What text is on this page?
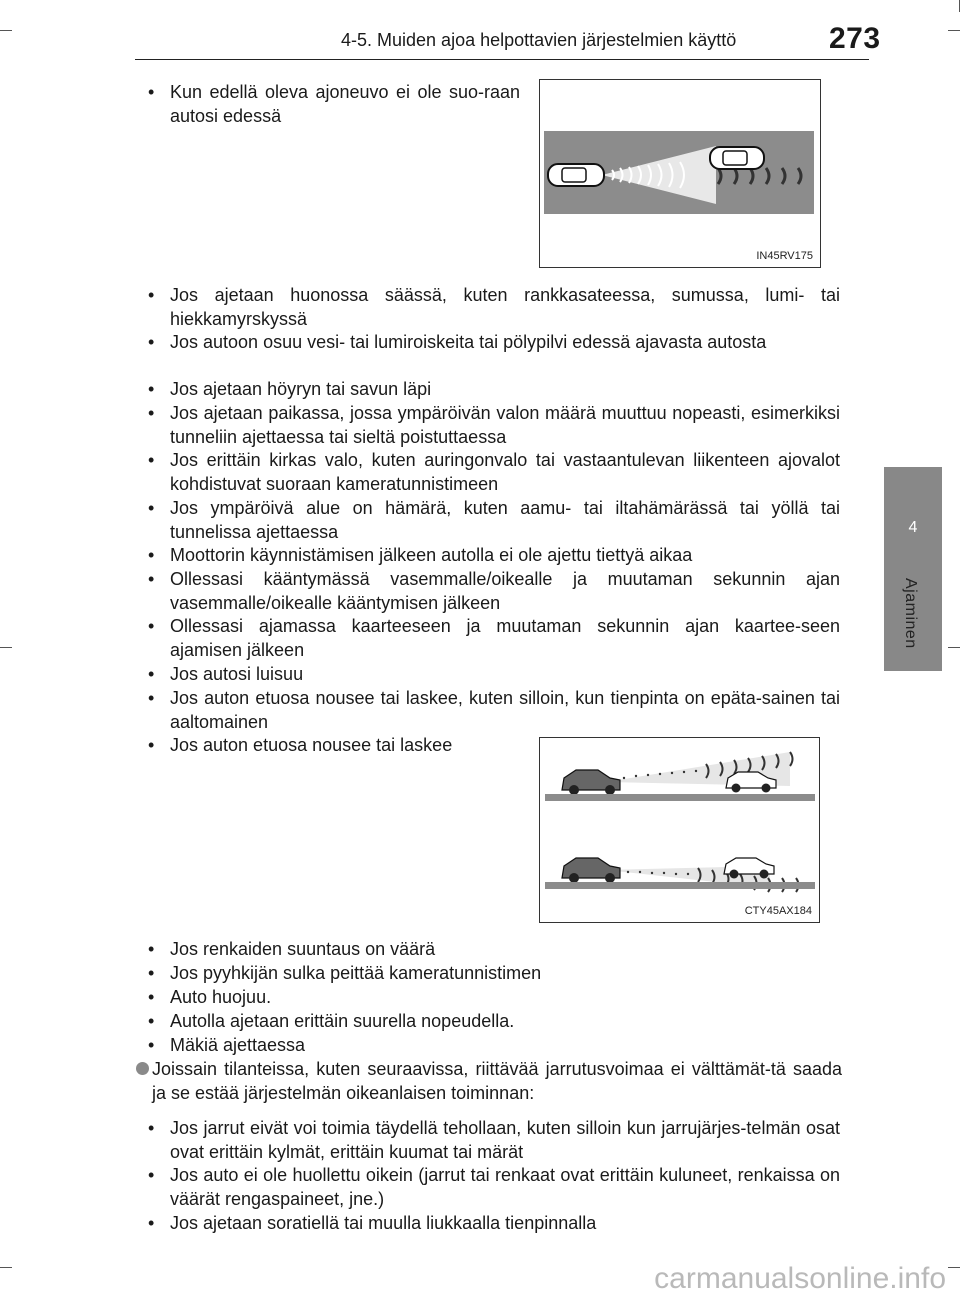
4-5. Muiden ajoa helpottavien järjestelmien käyttö	273
4
Ajaminen
• Kun edellä oleva ajoneuvo ei ole suo-raan autosi edessä
IN45RV175
• Jos ajetaan huonossa säässä, kuten rankkasateessa, sumussa, lumi- tai hiekkamyrskyssä
• Jos autoon osuu vesi- tai lumiroiskeita tai pölypilvi edessä ajavasta autosta
• Jos ajetaan höyryn tai savun läpi
• Jos ajetaan paikassa, jossa ympäröivän valon määrä muuttuu nopeasti, esimerkiksi tunneliin ajettaessa tai sieltä poistuttaessa
• Jos erittäin kirkas valo, kuten auringonvalo tai vastaantulevan liikenteen ajovalot kohdistuvat suoraan kameratunnistimeen
• Jos ympäröivä alue on hämärä, kuten aamu- tai iltahämärässä tai yöllä tai tunnelissa ajettaessa
• Moottorin käynnistämisen jälkeen autolla ei ole ajettu tiettyä aikaa
• Ollessasi kääntymässä vasemmalle/oikealle ja muutaman sekunnin ajan vasemmalle/oikealle kääntymisen jälkeen
• Ollessasi ajamassa kaarteeseen ja muutaman sekunnin ajan kaartee-seen ajamisen jälkeen
• Jos autosi luisuu
• Jos auton etuosa nousee tai laskee, kuten silloin, kun tienpinta on epäta-sainen tai aaltomainen
• Jos auton etuosa nousee tai laskee
CTY45AX184
• Jos renkaiden suuntaus on väärä
• Jos pyyhkijän sulka peittää kameratunnistimen
• Auto huojuu.
• Autolla ajetaan erittäin suurella nopeudella.
• Mäkiä ajettaessa
Joissain tilanteissa, kuten seuraavissa, riittävää jarrutusvoimaa ei välttämät-tä saada ja se estää järjestelmän oikeanlaisen toiminnan:
• Jos jarrut eivät voi toimia täydellä tehollaan, kuten silloin kun jarrujärjes-telmän osat ovat erittäin kylmät, erittäin kuumat tai märät
• Jos auto ei ole huollettu oikein (jarrut tai renkaat ovat erittäin kuluneet, renkaissa on väärät rengaspaineet, jne.)
• Jos ajetaan soratiellä tai muulla liukkaalla tienpinnalla
carmanualsonline.info
